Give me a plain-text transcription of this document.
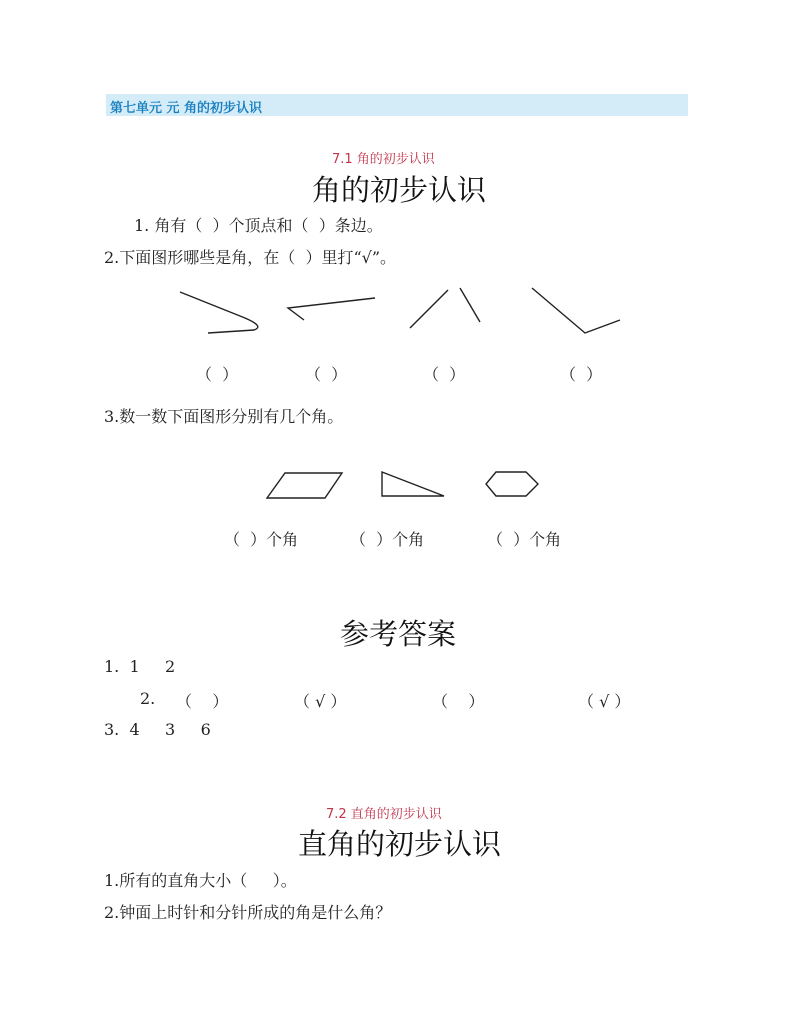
第七单元 元 角的初步认识
7.1 角的初步认识
角的初步认识
1. 角有（  ）个顶点和（  ）条边。
2.下面图形哪些是角，在（  ）里打“√”。
（  ）	（  ）	（  ）	（  ）
3.数一数下面图形分别有几个角。
（  ）个角	（  ）个角	（  ）个角
参考答案
1.  1     2
2. （    ）	（ √ ）	（    ）	（ √ ）
3.  4     3     6
7.2 直角的初步认识
直角的初步认识
1.所有的直角大小（     ）。
2.钟面上时针和分针所成的角是什么角？
